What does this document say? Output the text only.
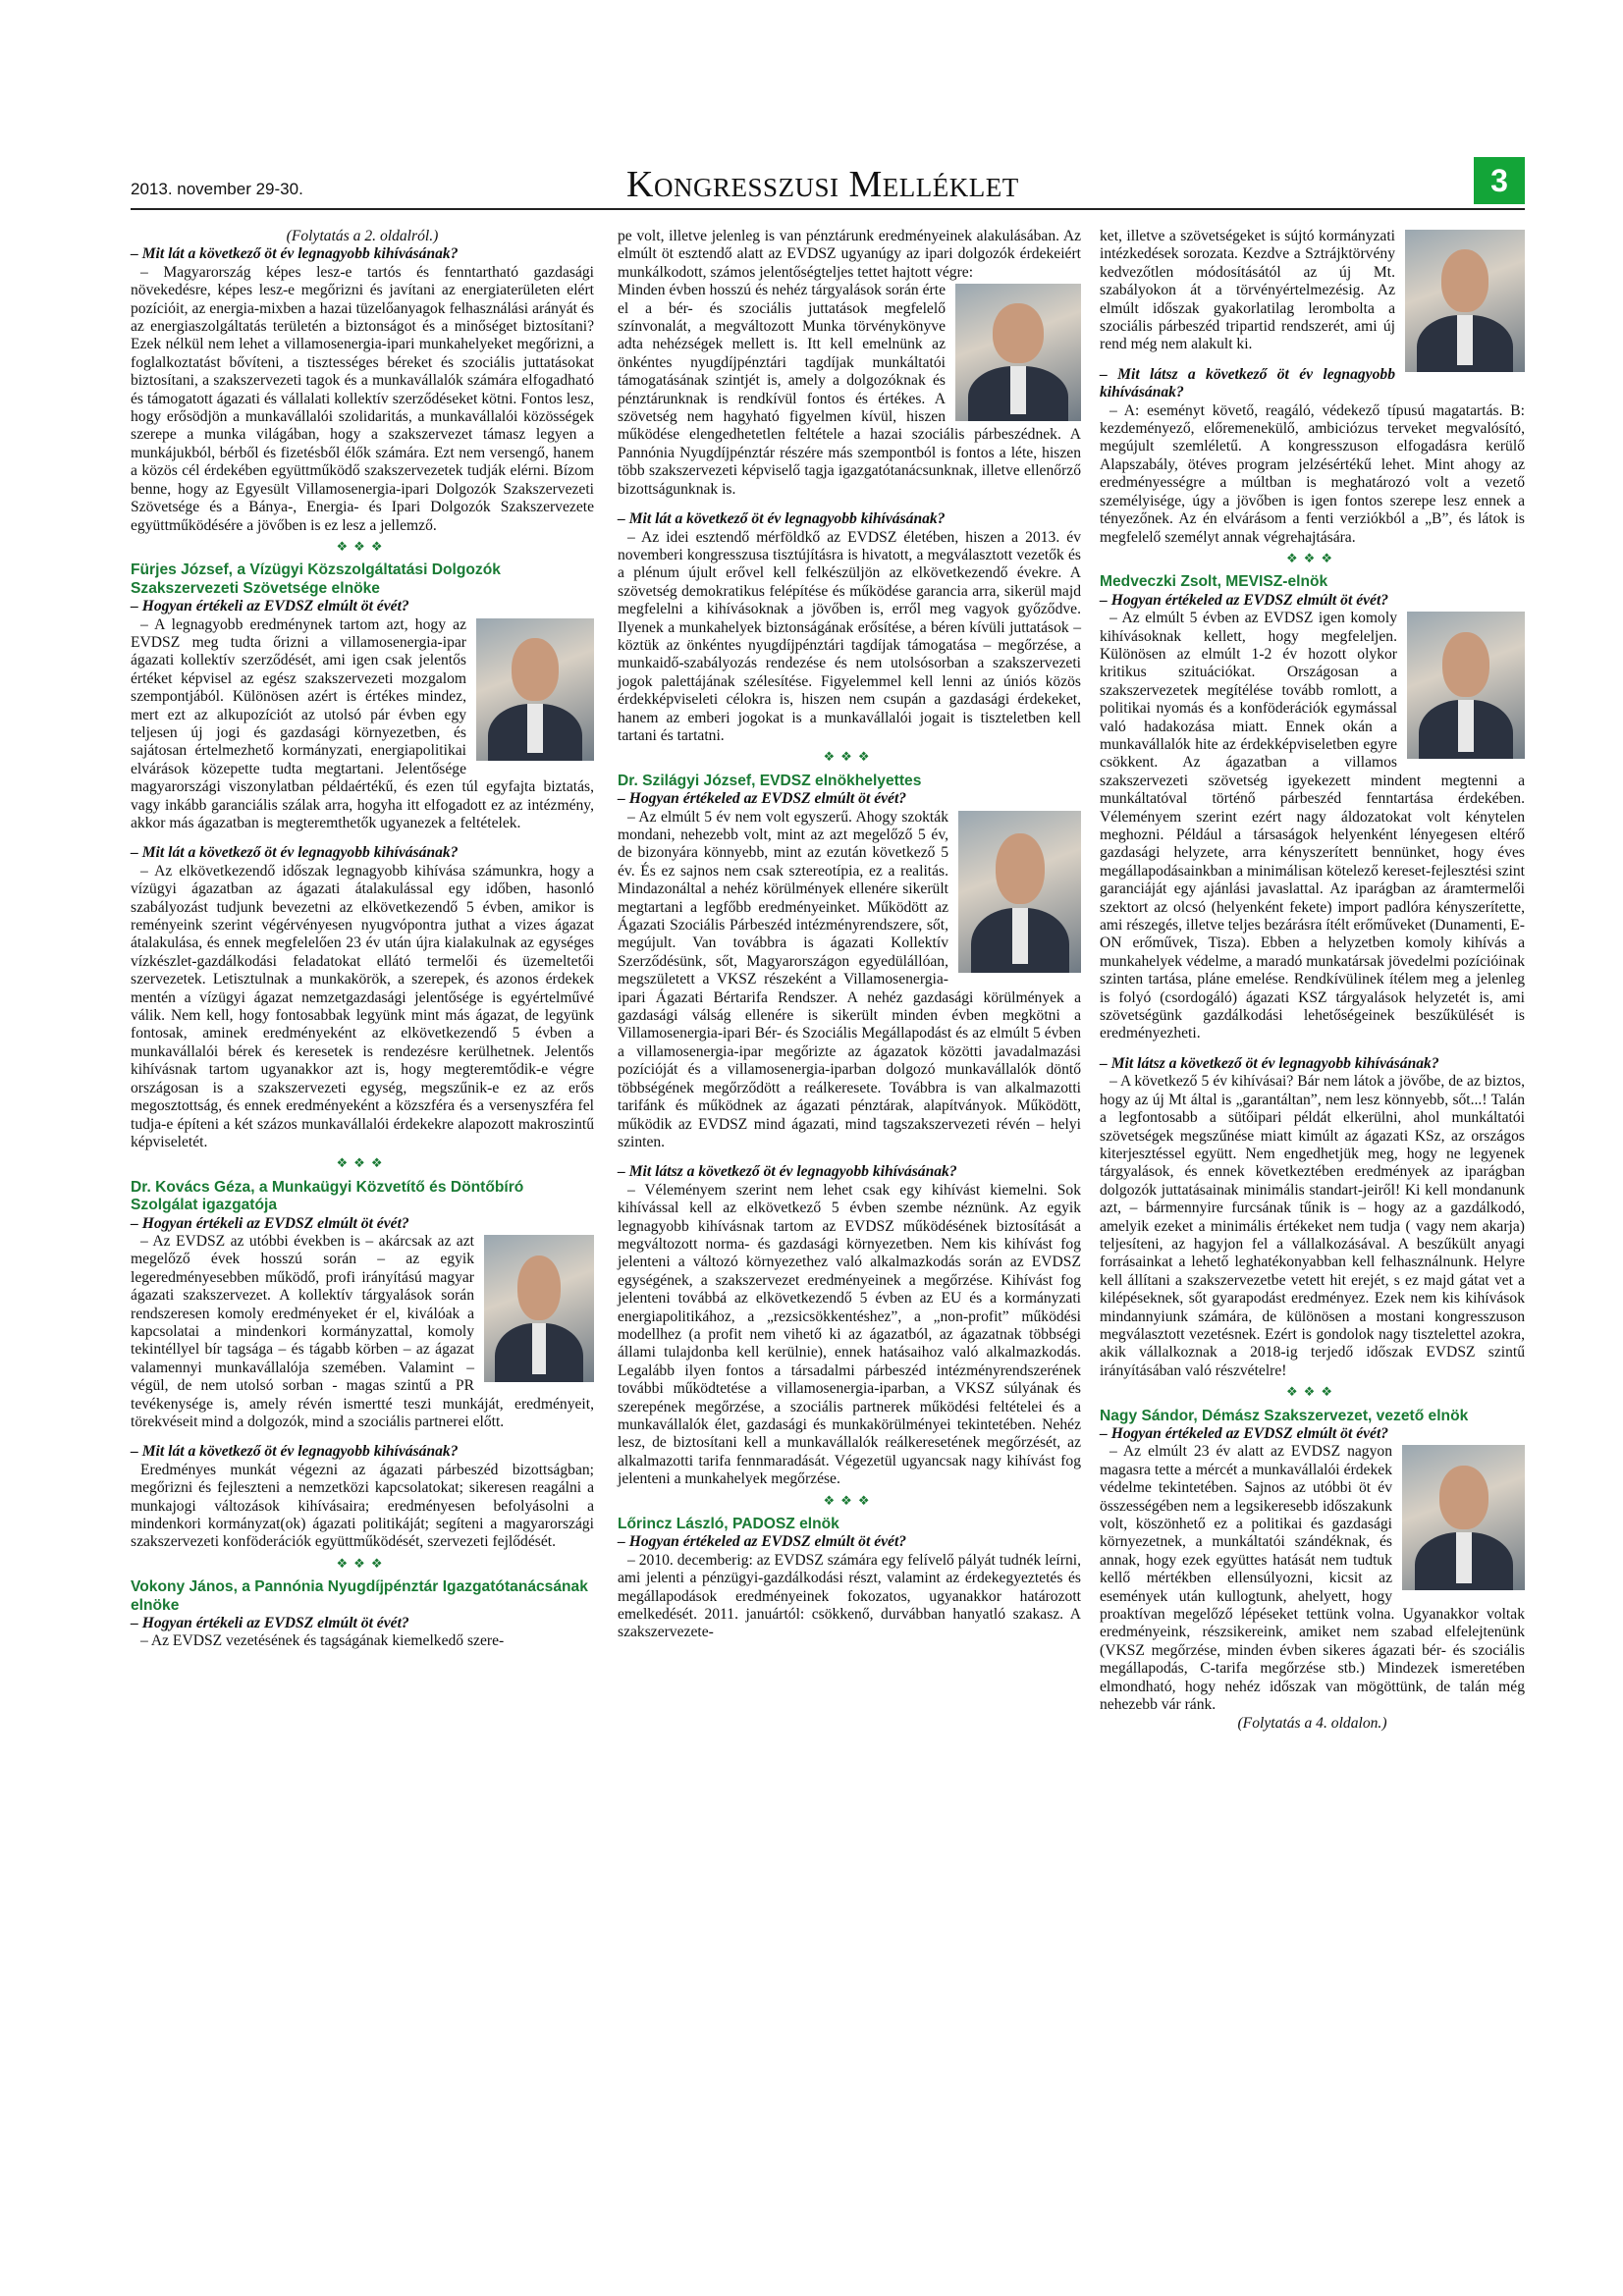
2013. november 29-30.	Kongresszusi Melléklet	3

(Folytatás a 2. oldalról.)

– Mit lát a következő öt év legnagyobb kihívásának?

– Magyarország képes lesz-e tartós és fenntartható gazdasági növekedésre, képes lesz-e megőrizni és javítani az energiaterületen elért pozícióit, az energia-mixben a hazai tüzelőanyagok felhasználási arányát és az energiaszolgáltatás területén a biztonságot és a minőséget biztosítani? Ezek nélkül nem lehet a villamosenergia-ipari munkahelyeket megőrizni, a foglalkoztatást bővíteni, a tisztességes béreket és szociális juttatásokat biztosítani, a szakszervezeti tagok és a munkavállalók számára elfogadható és támogatott ágazati és vállalati kollektív szerződéseket kötni. Fontos lesz, hogy erősödjön a munkavállalói szolidaritás, a munkavállalói közösségek szerepe a munka világában, hogy a szakszervezet támasz legyen a munkájukból, bérből és fizetésből élők számára. Ezt nem versengő, hanem a közös cél érdekében együttműködő szakszervezetek tudják elérni. Bízom benne, hogy az Egyesült Villamosenergia-ipari Dolgozók Szakszervezeti Szövetsége és a Bánya-, Energia- és Ipari Dolgozók Szakszervezete együttműködésére a jövőben is ez lesz a jellemző.

❖❖❖
Fürjes József, a Vízügyi Közszolgáltatási Dolgozók Szakszervezeti Szövetsége elnöke

– Hogyan értékeli az EVDSZ elmúlt öt évét?

– A legnagyobb eredménynek tartom azt, hogy az EVDSZ meg tudta őrizni a villamosenergia-ipar ágazati kollektív szerződését, ami igen csak jelentős értéket képvisel az egész szakszervezeti mozgalom szempontjából. Különösen azért is értékes mindez, mert ezt az alkupozíciót az utolsó pár évben egy teljesen új jogi és gazdasági környezetben, és sajátosan értelmezhető kormányzati, energiapolitikai elvárások közepette tudta megtartani. Jelentősége magyarországi viszonylatban példaértékű, és ezen túl egyfajta biztatás, vagy inkább garanciális szálak arra, hogyha itt elfogadott ez az intézmény, akkor más ágazatban is megteremthetők ugyanezek a feltételek.

– Mit lát a következő öt év legnagyobb kihívásának?

– Az elkövetkezendő időszak legnagyobb kihívása számunkra, hogy a vízügyi ágazatban az ágazati átalakulással egy időben, hasonló szabályozást tudjunk bevezetni az elkövetkezendő 5 évben, amikor is reményeink szerint végérvényesen nyugvópontra juthat a vizes ágazat átalakulása, és ennek megfelelően 23 év után újra kialakulnak az egységes vízkészlet-gazdálkodási feladatokat ellátó termelői és üzemeltetői szervezetek. Letisztulnak a munkakörök, a szerepek, és azonos érdekek mentén a vízügyi ágazat nemzetgazdasági jelentősége is egyértelművé válik. Nem kell, hogy fontosabbak legyünk mint más ágazat, de legyünk fontosak, aminek eredményeként az elkövetkezendő 5 évben a munkavállalói bérek és keresetek is rendezésre kerülhetnek. Jelentős kihívásnak tartom ugyanakkor azt is, hogy megteremtődik-e végre országosan is a szakszervezeti egység, megszűnik-e ez az erős megosztottság, és ennek eredményeként a közszféra és a versenyszféra fel tudja-e építeni a két százos munkavállalói érdekekre alapozott makroszintű képviseletét.

❖❖❖
Dr. Kovács Géza, a Munkaügyi Közvetítő és Döntőbíró Szolgálat igazgatója

– Hogyan értékeli az EVDSZ elmúlt öt évét?

– Az EVDSZ az utóbbi években is – akárcsak az azt megelőző évek hosszú során – az egyik legeredményesebben működő, profi irányítású magyar ágazati szakszervezet. A kollektív tárgyalások során rendszeresen komoly eredményeket ér el, kiválóak a kapcsolatai a mindenkori kormányzattal, komoly tekintéllyel bír tagsága – és tágabb körben – az ágazat valamennyi munkavállalója szemében. Valamint – végül, de nem utolsó sorban - magas szintű a PR tevékenysége is, amely révén ismertté teszi munkáját, eredményeit, törekvéseit mind a dolgozók, mind a szociális partnerei előtt.

– Mit lát a következő öt év legnagyobb kihívásának?

Eredményes munkát végezni az ágazati párbeszéd bizottságban; megőrizni és fejleszteni a nemzetközi kapcsolatokat; sikeresen reagálni a munkajogi változások kihívásaira; eredményesen befolyásolni a mindenkori kormányzat(ok) ágazati politikáját; segíteni a magyarországi szakszervezeti konföderációk együttműködését, szervezeti fejlődését.

❖❖❖
Vokony János, a Pannónia Nyugdíjpénztár Igazgatótanácsának elnöke

– Hogyan értékeli az EVDSZ elmúlt öt évét?

– Az EVDSZ vezetésének és tagságának kiemelkedő szere-

pe volt, illetve jelenleg is van pénztárunk eredményeinek alakulásában. Az elmúlt öt esztendő alatt az EVDSZ ugyanúgy az ipari dolgozók érdekeiért munkálkodott, számos jelentőségteljes tettet hajtott végre:

Minden évben hosszú és nehéz tárgyalások során érte el a bér- és szociális juttatások megfelelő színvonalát, a megváltozott Munka törvénykönyve adta nehézségek mellett is. Itt kell emelnünk az önkéntes nyugdíjpénztári tagdíjak munkáltatói támogatásának szintjét is, amely a dolgozóknak és pénztárunknak is rendkívül fontos és értékes. A szövetség nem hagyható figyelmen kívül, hiszen működése elengedhetetlen feltétele a hazai szociális párbeszédnek. A Pannónia Nyugdíjpénztár részére más szempontból is fontos a léte, hiszen több szakszervezeti képviselő tagja igazgatótanácsunknak, illetve ellenőrző bizottságunknak is.

– Mit lát a következő öt év legnagyobb kihívásának?

– Az idei esztendő mérföldkő az EVDSZ életében, hiszen a 2013. év novemberi kongresszusa tisztújításra is hivatott, a megválasztott vezetők és a plénum újult erővel kell felkészüljön az elkövetkezendő évekre. A szövetség demokratikus felépítése és működése garancia arra, sikerül majd megfelelni a kihívásoknak a jövőben is, erről meg vagyok győződve. Ilyenek a munkahelyek biztonságának erősítése, a béren kívüli juttatások – köztük az önkéntes nyugdíjpénztári tagdíjak támogatása – megőrzése, a munkaidő-szabályozás rendezése és nem utolsósorban a szakszervezeti jogok palettájának szélesítése. Figyelemmel kell lenni az úniós közös érdekképviseleti célokra is, hiszen nem csupán a gazdasági érdekeket, hanem az emberi jogokat is a munkavállalói jogait is tiszteletben kell tartani és tartatni.

❖❖❖
Dr. Szilágyi József, EVDSZ elnökhelyettes

– Hogyan értékeled az EVDSZ elmúlt öt évét?

– Az elmúlt 5 év nem volt egyszerű. Ahogy szokták mondani, nehezebb volt, mint az azt megelőző 5 év, de bizonyára könnyebb, mint az ezután következő 5 év. És ez sajnos nem csak sztereotípia, ez a realitás. Mindazonáltal a nehéz körülmények ellenére sikerült megtartani a legfőbb eredményeinket. Működött az Ágazati Szociális Párbeszéd intézményrendszere, sőt, megújult. Van továbbra is ágazati Kollektív Szerződésünk, sőt, Magyarországon egyedülállóan, megszületett a VKSZ részeként a Villamosenergia-ipari Ágazati Bértarifa Rendszer. A nehéz gazdasági körülmények a gazdasági válság ellenére is sikerült minden évben megkötni a Villamosenergia-ipari Bér- és Szociális Megállapodást és az elmúlt 5 évben a villamosenergia-ipar megőrizte az ágazatok közötti javadalmazási pozícióját és a villamosenergia-iparban dolgozó munkavállalók döntő többségének megőrződött a reálkeresete. Továbbra is van alkalmazotti tarifánk és működnek az ágazati pénztárak, alapítványok. Működött, működik az EVDSZ mind ágazati, mind tagszakszervezeti révén – helyi szinten.

– Mit látsz a következő öt év legnagyobb kihívásának?

– Véleményem szerint nem lehet csak egy kihívást kiemelni. Sok kihívással kell az elkövetkező 5 évben szembe néznünk. Az egyik legnagyobb kihívásnak tartom az EVDSZ működésének biztosítását a megváltozott norma- és gazdasági környezetben. Nem kis kihívást fog jelenteni a változó környezethez való alkalmazkodás során az EVDSZ egységének, a szakszervezet eredményeinek a megőrzése. Kihívást fog jelenteni továbbá az elkövetkezendő 5 évben az EU és a kormányzati energiapolitikához, a „rezsicsökkentéshez”, a „non-profit” működési modellhez (a profit nem vihető ki az ágazatból, az ágazatnak többségi állami tulajdonba kell kerülnie), ennek hatásaihoz való alkalmazkodás. Legalább ilyen fontos a társadalmi párbeszéd intézményrendszerének további működtetése a villamosenergia-iparban, a VKSZ súlyának és szerepének megőrzése, a szociális partnerek működési feltételei és a munkavállalók élet, gazdasági és munkakörülményei tekintetében. Nehéz lesz, de biztosítani kell a munkavállalók reálkeresetének megőrzését, az alkalmazotti tarifa fennmaradását. Végezetül ugyancsak nagy kihívást fog jelenteni a munkahelyek megőrzése.

❖❖❖
Lőrincz László, PADOSZ elnök

– Hogyan értékeled az EVDSZ elmúlt öt évét?

– 2010. decemberig: az EVDSZ számára egy felívelő pályát tudnék leírni, ami jelenti a pénzügyi-gazdálkodási részt, valamint az érdekegyeztetés és megállapodások eredményeinek fokozatos, ugyanakkor határozott emelkedését. 2011. januártól: csökkenő, durvábban hanyatló szakasz. A szakszervezete-

ket, illetve a szövetségeket is sújtó kormányzati intézkedések sorozata. Kezdve a Sztrájktörvény kedvezőtlen módosításától az új Mt. szabályokon át a törvényértelmezésig. Az elmúlt időszak gyakorlatilag lerombolta a szociális párbeszéd tripartid rendszerét, ami új rend még nem alakult ki.

– Mit látsz a következő öt év legnagyobb kihívásának?

– A: eseményt követő, reagáló, védekező típusú magatartás. B: kezdeményező, előremenekülő, ambiciózus terveket megvalósító, megújult szemléletű. A kongresszuson elfogadásra kerülő Alapszabály, ötéves program jelzésértékű lehet. Mint ahogy az eredményességre a múltban is meghatározó volt a vezető személyisége, úgy a jövőben is igen fontos szerepe lesz ennek a tényezőnek. Az én elvárásom a fenti verziókból a „B”, és látok is megfelelő személyt annak végrehajtására.

❖❖❖
Medveczki Zsolt, MEVISZ-elnök

– Hogyan értékeled az EVDSZ elmúlt öt évét?

– Az elmúlt 5 évben az EVDSZ igen komoly kihívásoknak kellett, hogy megfeleljen. Különösen az elmúlt 1-2 év hozott olykor kritikus szituációkat. Országosan a szakszervezetek megítélése tovább romlott, a politikai nyomás és a konföderációk egymással való hadakozása miatt. Ennek okán a munkavállalók hite az érdekképviseletben egyre csökkent. Az ágazatban a villamos szakszervezeti szövetség igyekezett mindent megtenni a munkáltatóval történő párbeszéd fenntartása érdekében. Véleményem szerint ezért nagy áldozatokat volt kénytelen meghozni. Például a társaságok helyenként lényegesen eltérő gazdasági helyzete, arra kényszerített bennünket, hogy éves megállapodásainkban a minimálisan kötelező kereset-fejlesztési szint garanciáját egy ajánlási javaslattal. Az iparágban az áramtermelői szektort az olcsó (helyenként fekete) import padlóra kényszerítette, ami részegés, illetve teljes bezárásra ítélt erőműveket (Dunamenti, E-ON erőművek, Tisza). Ebben a helyzetben komoly kihívás a munkahelyek védelme, a maradó munkatársak jövedelmi pozícióinak szinten tartása, pláne emelése. Rendkívülinek ítélem meg a jelenleg is folyó (csordogáló) ágazati KSZ tárgyalások helyzetét is, ami szövetségünk gazdálkodási lehetőségeinek beszűkülését is eredményezheti.

– Mit látsz a következő öt év legnagyobb kihívásának?

– A következő 5 év kihívásai? Bár nem látok a jövőbe, de az biztos, hogy az új Mt által is „garantáltan”, nem lesz könnyebb, sőt...! Talán a legfontosabb a sütőipari példát elkerülni, ahol munkáltatói szövetségek megszűnése miatt kimúlt az ágazati KSz, az országos kiterjesztéssel együtt. Nem engedhetjük meg, hogy ne legyenek tárgyalások, és ennek következtében eredmények az iparágban dolgozók juttatásainak minimális standart-jeiről! Ki kell mondanunk azt, – bármennyire furcsának tűnik is – hogy az a gazdálkodó, amelyik ezeket a minimális értékeket nem tudja ( vagy nem akarja) teljesíteni, az hagyjon fel a vállalkozásával. A beszűkült anyagi forrásainkat a lehető leghatékonyabban kell felhasználnunk. Helyre kell állítani a szakszervezetbe vetett hit erejét, s ez majd gátat vet a kilépéseknek, sőt gyarapodást eredményez. Ezek nem kis kihívások mindannyiunk számára, de különösen a mostani kongresszuson megválasztott vezetésnek. Ezért is gondolok nagy tisztelettel azokra, akik vállalkoznak a 2018-ig terjedő időszak EVDSZ szintű irányításában való részvételre!

❖❖❖
Nagy Sándor, Démász Szakszervezet, vezető elnök

– Hogyan értékeled az EVDSZ elmúlt öt évét?

– Az elmúlt 23 év alatt az EVDSZ nagyon magasra tette a mércét a munkavállalói érdekek védelme tekintetében. Sajnos az utóbbi öt év összességében nem a legsikeresebb időszakunk volt, köszönhető ez a politikai és gazdasági környezetnek, a munkáltatói szándéknak, és annak, hogy ezek együttes hatását nem tudtuk kellő mértékben ellensúlyozni, kicsit az események után kullogtunk, ahelyett, hogy proaktívan megelőző lépéseket tettünk volna. Ugyanakkor voltak eredményeink, részsikereink, amiket nem szabad elfelejtenünk (VKSZ megőrzése, minden évben sikeres ágazati bér- és szociális megállapodás, C-tarifa megőrzése stb.) Mindezek ismeretében elmondható, hogy nehéz időszak van mögöttünk, de talán még nehezebb vár ránk.

(Folytatás a 4. oldalon.)
